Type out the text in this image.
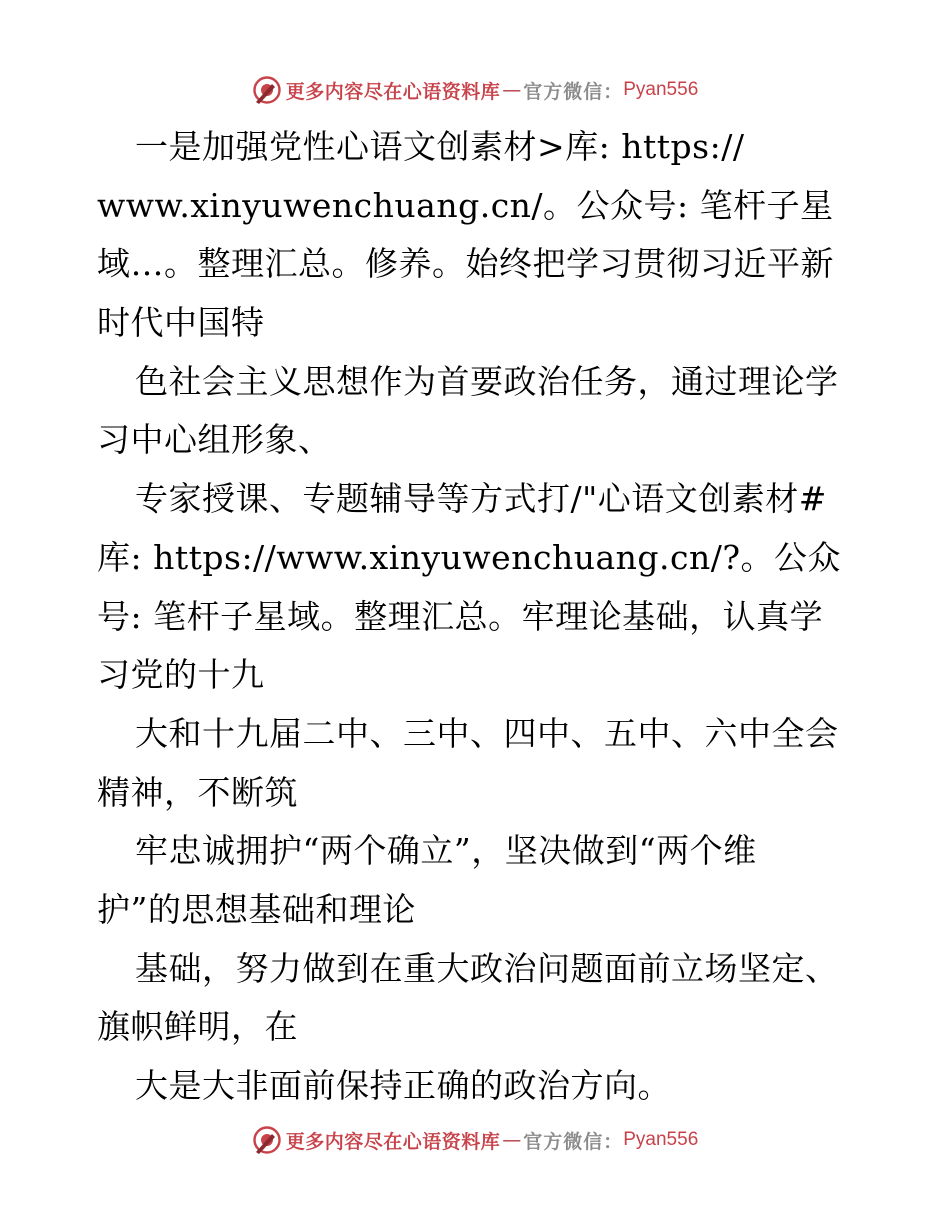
更多内容尽在心语资料库 — 官方微信： Pyan556
一是加强党性心语文创素材>库: https://
www.xinyuwenchuang.cn/。公众号: 笔杆子星
域…。整理汇总。修养。始终把学习贯彻习近平新
时代中国特
色社会主义思想作为首要政治任务，通过理论学
习中心组形象、
专家授课、专题辅导等方式打/"心语文创素材#
库: https://www.xinyuwenchuang.cn/?。公众
号: 笔杆子星域。整理汇总。牢理论基础，认真学
习党的十九
大和十九届二中、三中、四中、五中、六中全会
精神，不断筑
牢忠诚拥护“两个确立”，坚决做到“两个维
护”的思想基础和理论
基础，努力做到在重大政治问题面前立场坚定、
旗帜鲜明，在
大是大非面前保持正确的政治方向。
更多内容尽在心语资料库 — 官方微信： Pyan556
